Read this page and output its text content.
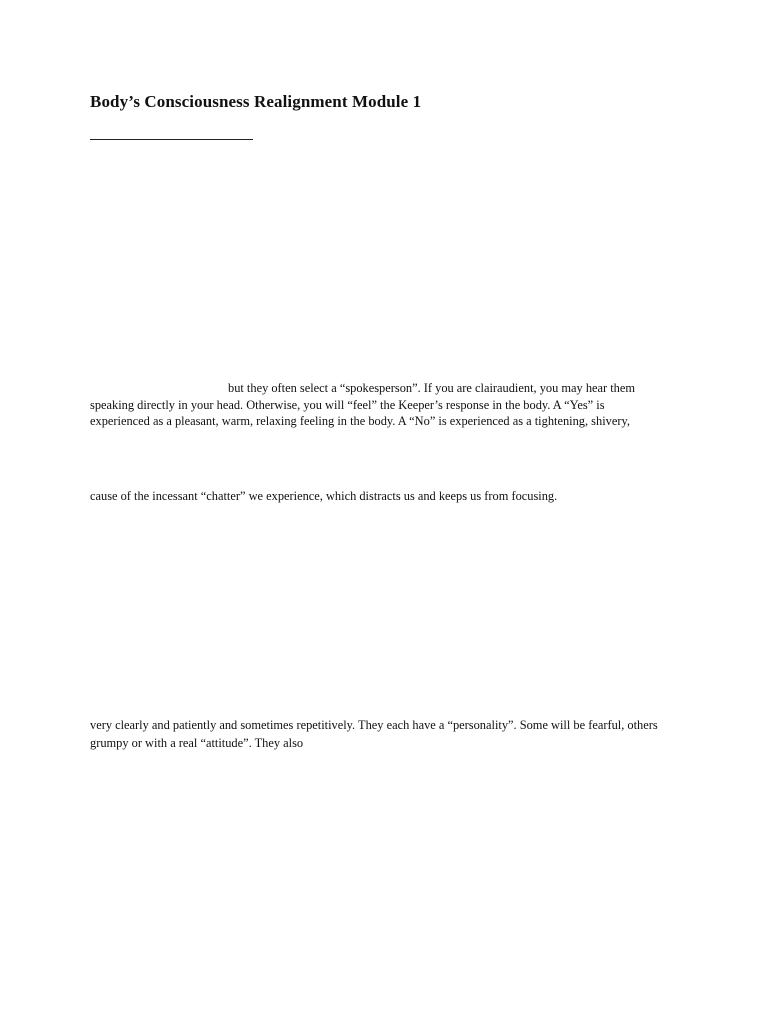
Body’s Consciousness Realignment Module 1

but they often select a “spokesperson”. If you are clairaudient, you may hear them

speaking directly in your head. Otherwise, you will “feel” the Keeper’s response in the body. A “Yes” is

experienced as a pleasant, warm, relaxing feeling in the body. A “No” is experienced as a tightening, shivery,

cause of the incessant “chatter” we experience, which distracts us and keeps us from focusing.

very clearly and patiently and sometimes repetitively. They each have a “personality”. Some will be fearful, others

grumpy or with a real “attitude”. They also
